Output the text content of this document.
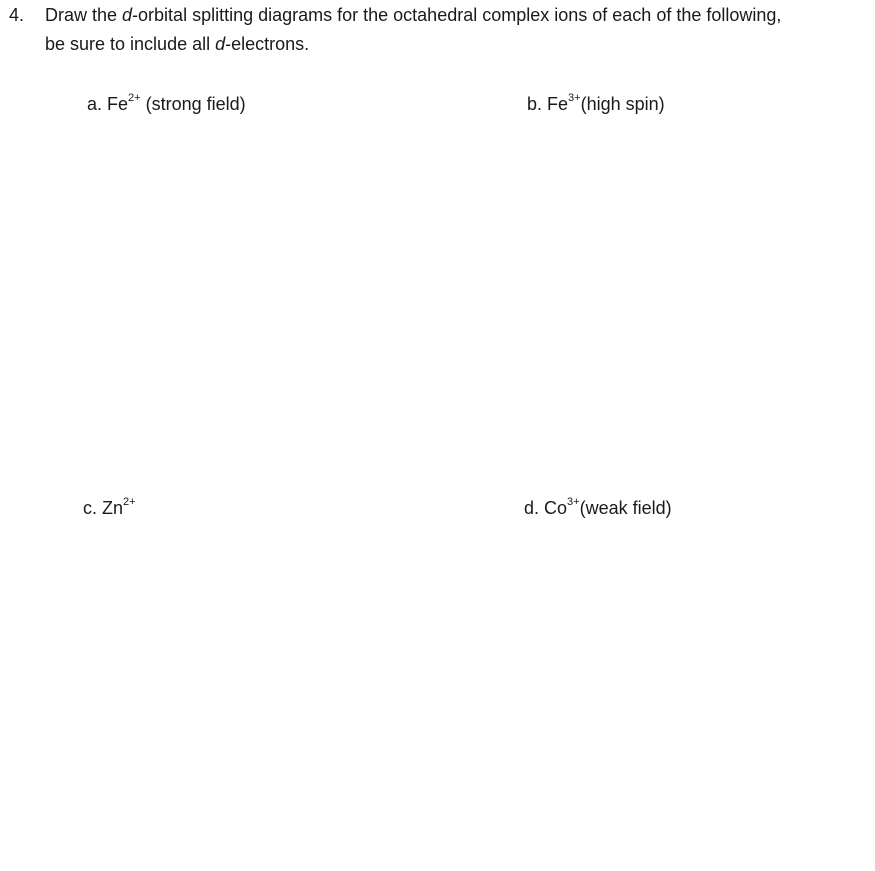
4. Draw the d-orbital splitting diagrams for the octahedral complex ions of each of the following,
be sure to include all d-electrons.
a. $Fe^{2+}$ (strong field)	b. $Fe^{3+}(high$ spin)
c. $Zn^{2+}$	d. $Co^{3+}(weak$ field)
